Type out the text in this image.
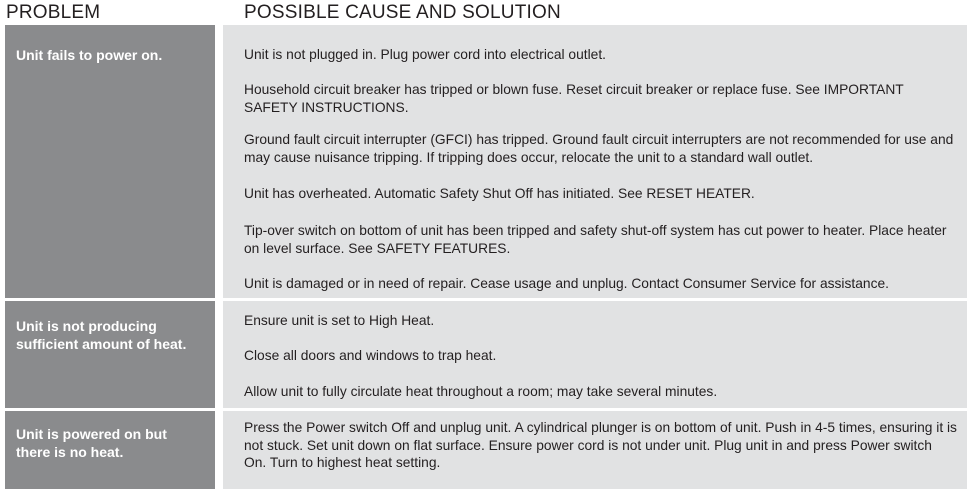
PROBLEM	POSSIBLE CAUSE AND SOLUTION
Unit fails to power on.	Unit is not plugged in. Plug power cord into electrical outlet.
Household circuit breaker has tripped or blown fuse. Reset circuit breaker or replace fuse. See IMPORTANT SAFETY INSTRUCTIONS.
Ground fault circuit interrupter (GFCI) has tripped. Ground fault circuit interrupters are not recommended for use and may cause nuisance tripping. If tripping does occur, relocate the unit to a standard wall outlet.
Unit has overheated. Automatic Safety Shut Off has initiated. See RESET HEATER.
Tip-over switch on bottom of unit has been tripped and safety shut-off system has cut power to heater. Place heater on level surface. See SAFETY FEATURES.
Unit is damaged or in need of repair. Cease usage and unplug. Contact Consumer Service for assistance.
Unit is not producing sufficient amount of heat.
Ensure unit is set to High Heat.
Close all doors and windows to trap heat.
Allow unit to fully circulate heat throughout a room; may take several minutes.
Unit is powered on but there is no heat.
Press the Power switch Off and unplug unit. A cylindrical plunger is on bottom of unit. Push in 4-5 times, ensuring it is not stuck. Set unit down on flat surface. Ensure power cord is not under unit. Plug unit in and press Power switch On. Turn to highest heat setting.
